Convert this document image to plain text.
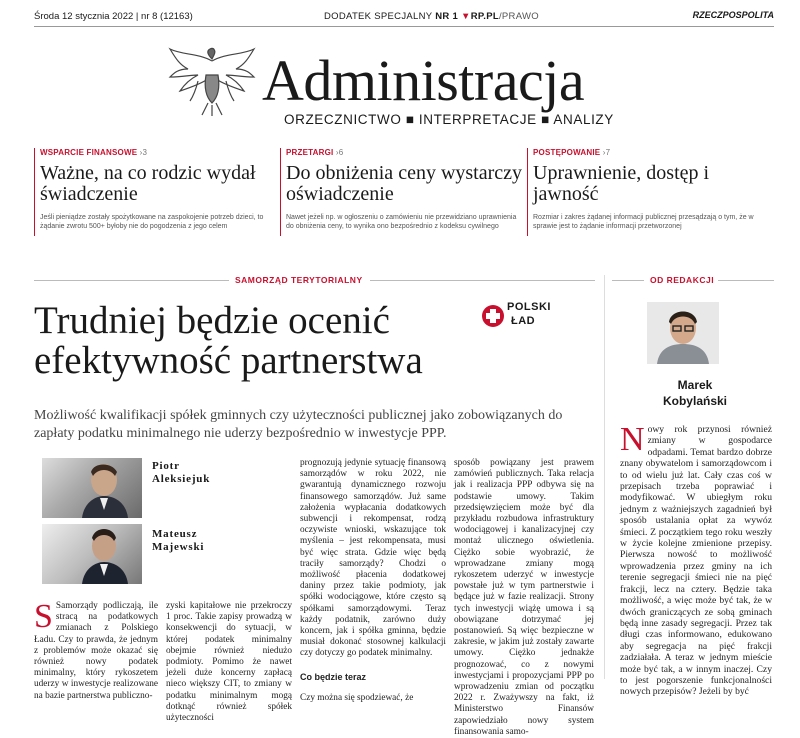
Środa 12 stycznia 2022 | nr 8 (12163)	DODATEK SPECJALNY NR 1 ▼RP.PL/PRAWO	RZECZPOSPOLITA
Administracja
ORZECZNICTWO ■ INTERPRETACJE ■ ANALIZY
WSPARCIE FINANSOWE ›3
Ważne, na co rodzic wydał świadczenie
Jeśli pieniądze zostały spożytkowane na zaspokojenie potrzeb dzieci, to żądanie zwrotu 500+ byłoby nie do pogodzenia z jego celem
PRZETARGI ›6
Do obniżenia ceny wystarczy oświadczenie
Nawet jeżeli np. w ogłoszeniu o zamówieniu nie przewidziano uprawnienia do obniżenia ceny, to wynika ono bezpośrednio z kodeksu cywilnego
POSTĘPOWANIE ›7
Uprawnienie, dostęp i jawność
Rozmiar i zakres żądanej informacji publicznej przesądzają o tym, że w sprawie jest to żądanie informacji przetworzonej
SAMORZĄD TERYTORIALNY	OD REDAKCJI
Trudniej będzie ocenić efektywność partnerstwa
POLSKI
ŁAD
Możliwość kwalifikacji spółek gminnych czy użyteczności publicznej jako zobowiązanych do zapłaty podatku minimalnego nie uderzy bezpośrednio w inwestycje PPP.
Piotr
Aleksiejuk
Mateusz
Majewski
S Samorządy podliczają, ile stracą na podatkowych zmianach z Polskiego Ładu. Czy to prawda, że jednym z problemów może okazać się również nowy podatek minimalny, który rykoszetem uderzy w inwestycje realizowane na bazie partnerstwa publiczno-
zyski kapitałowe nie przekroczy 1 proc. Takie zapisy prowadzą w konsekwencji do sytuacji, w której podatek minimalny obejmie również niedużo podmioty. Pomimo że nawet jeżeli duże koncerny zapłacą nieco większy CIT, to zmiany w podatku minimalnym mogą dotknąć również spółek użyteczności
prognozują jedynie sytuację finansową samorządów w roku 2022, nie gwarantują dynamicznego rozwoju finansowego samorządów. Już same założenia wypłacania dodatkowych subwencji i rekompensat, rodzą oczywiste wnioski, wskazujące tok myślenia – jest rekompensata, musi być więc strata. Gdzie więc będą traciły samorządy? Chodzi o możliwość płacenia dodatkowej daniny przez takie podmioty, jak spółki wodociągowe, które często są spółkami samorządowymi. Teraz każdy podatnik, zarówno duży koncern, jak i spółka gminna, będzie musiał dokonać stosownej kalkulacji czy dotyczy go podatek minimalny.
Co będzie teraz
Czy można się spodziewać, że
sposób powiązany jest prawem zamówień publicznych. Taka relacja jak i realizacja PPP odbywa się na podstawie umowy. Takim przedsięwzięciem może być dla przykładu rozbudowa infrastruktury wodociągowej i kanalizacyjnej czy montaż ulicznego oświetlenia. Ciężko sobie wyobrazić, że wprowadzane zmiany mogą rykoszetem uderzyć w inwestycje powstałe już w tym partnerstwie i będące już w fazie realizacji. Strony tych inwestycji wiążę umowa i są obowiązane dotrzymać jej postanowień. Są więc bezpieczne w zakresie, w jakim już zostały zawarte umowy. Ciężko jednakże prognozować, co z nowymi inwestycjami i propozycjami PPP po wprowadzeniu zmian od początku 2022 r. Zważywszy na fakt, iż Ministerstwo Finansów zapowiedziało nowy system finansowania samo-
Marek
Kobylański
Nowy rok przynosi również zmiany w gospodarce odpadami. Temat bardzo dobrze znany obywatelom i samorządowcom i to od wielu już lat. Cały czas coś w przepisach trzeba poprawiać i modyfikować. W ubiegłym roku jednym z ważniejszych zagadnień był sposób ustalania opłat za wywóz śmieci. Z początkiem tego roku weszły w życie kolejne zmienione przepisy. Pierwsza nowość to możliwość wprowadzenia przez gminy na ich terenie segregacji śmieci nie na pięć frakcji, lecz na cztery. Będzie taka możliwość, a więc może być tak, że w dwóch graniczących ze sobą gminach będą inne zasady segregacji. Przez tak długi czas informowano, edukowano aby segregacja na pięć frakcji zadziałała. A teraz w jednym mieście może być tak, a w innym inaczej. Czy to jest pogorszenie funkcjonalności nowych przepisów? Jeżeli by być
